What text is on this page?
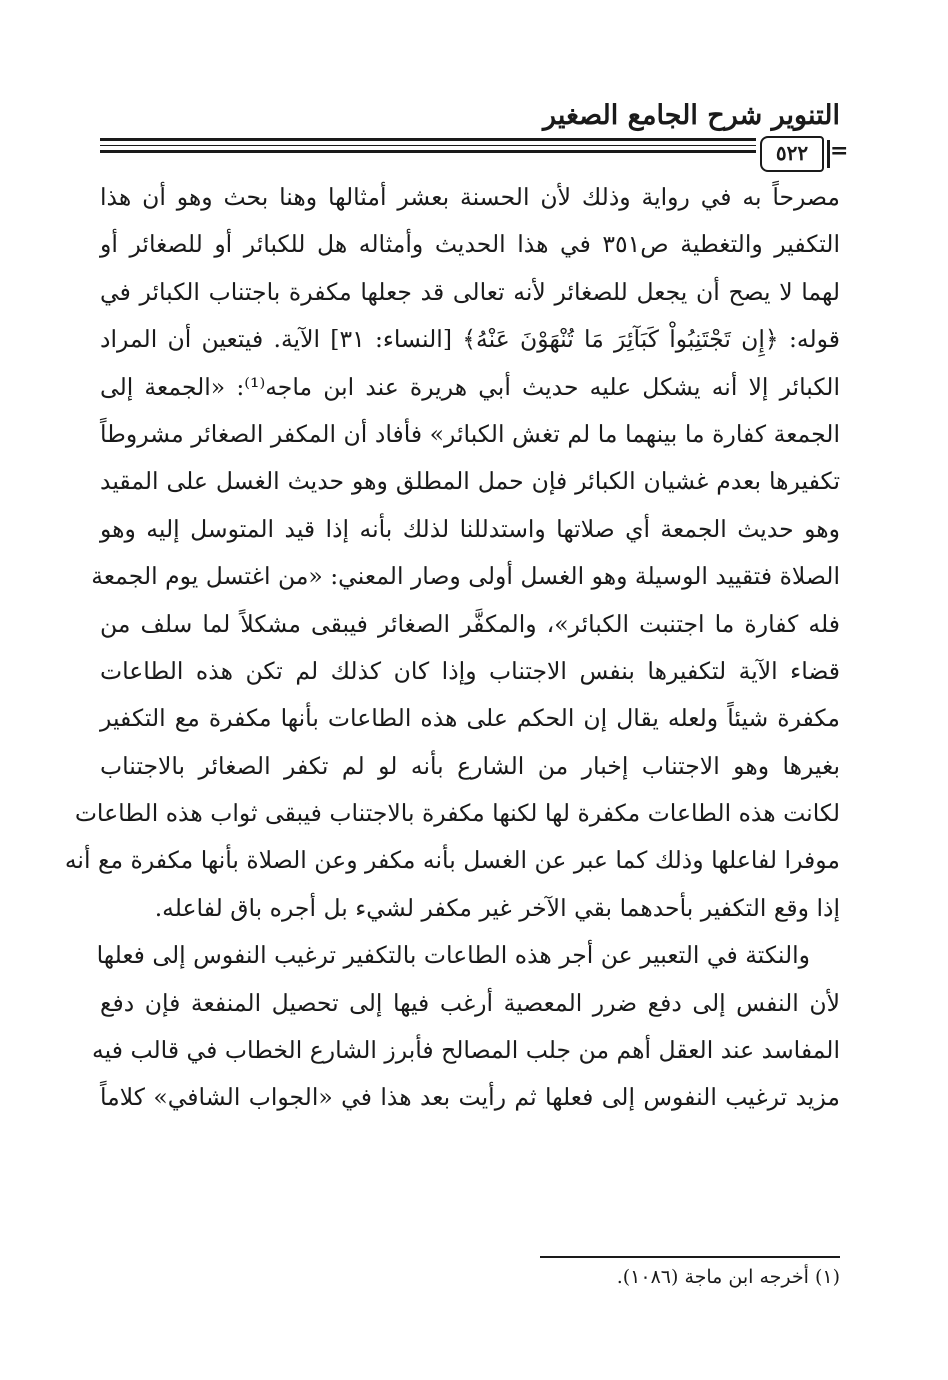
التنوير شرح الجامع الصغير
٥٢٢ =
مصرحاً به في رواية وذلك لأن الحسنة بعشر أمثالها وهنا بحث وهو أن هذا
التكفير والتغطية ص٣٥١ في هذا الحديث وأمثاله هل للكبائر أو للصغائر أو
لهما لا يصح أن يجعل للصغائر لأنه تعالى قد جعلها مكفرة باجتناب الكبائر في
قوله: ﴿إِن تَجْتَنِبُواْ كَبَآئِرَ مَا تُنْهَوْنَ عَنْهُ﴾ [النساء: ٣١] الآية. فيتعين أن المراد
الكبائر إلا أنه يشكل عليه حديث أبي هريرة عند ابن ماجه⁽¹⁾: «الجمعة إلى
الجمعة كفارة ما بينهما ما لم تغش الكبائر» فأفاد أن المكفر الصغائر مشروطاً
تكفيرها بعدم غشيان الكبائر فإن حمل المطلق وهو حديث الغسل على المقيد
وهو حديث الجمعة أي صلاتها واستدللنا لذلك بأنه إذا قيد المتوسل إليه وهو
الصلاة فتقييد الوسيلة وهو الغسل أولى وصار المعني: «من اغتسل يوم الجمعة
فله كفارة ما اجتنبت الكبائر»، والمكفَّر الصغائر فيبقى مشكلاً لما سلف من
قضاء الآية لتكفيرها بنفس الاجتناب وإذا كان كذلك لم تكن هذه الطاعات
مكفرة شيئاً ولعله يقال إن الحكم على هذه الطاعات بأنها مكفرة مع التكفير
بغيرها وهو الاجتناب إخبار من الشارع بأنه لو لم تكفر الصغائر بالاجتناب
لكانت هذه الطاعات مكفرة لها لكنها مكفرة بالاجتناب فيبقى ثواب هذه الطاعات
موفرا لفاعلها وذلك كما عبر عن الغسل بأنه مكفر وعن الصلاة بأنها مكفرة مع أنه
إذا وقع التكفير بأحدهما بقي الآخر غير مكفر لشيء بل أجره باق لفاعله.
والنكتة في التعبير عن أجر هذه الطاعات بالتكفير ترغيب النفوس إلى فعلها
لأن النفس إلى دفع ضرر المعصية أرغب فيها إلى تحصيل المنفعة فإن دفع
المفاسد عند العقل أهم من جلب المصالح فأبرز الشارع الخطاب في قالب فيه
مزيد ترغيب النفوس إلى فعلها ثم رأيت بعد هذا في «الجواب الشافي» كلاماً
(١) أخرجه ابن ماجة (١٠٨٦).
